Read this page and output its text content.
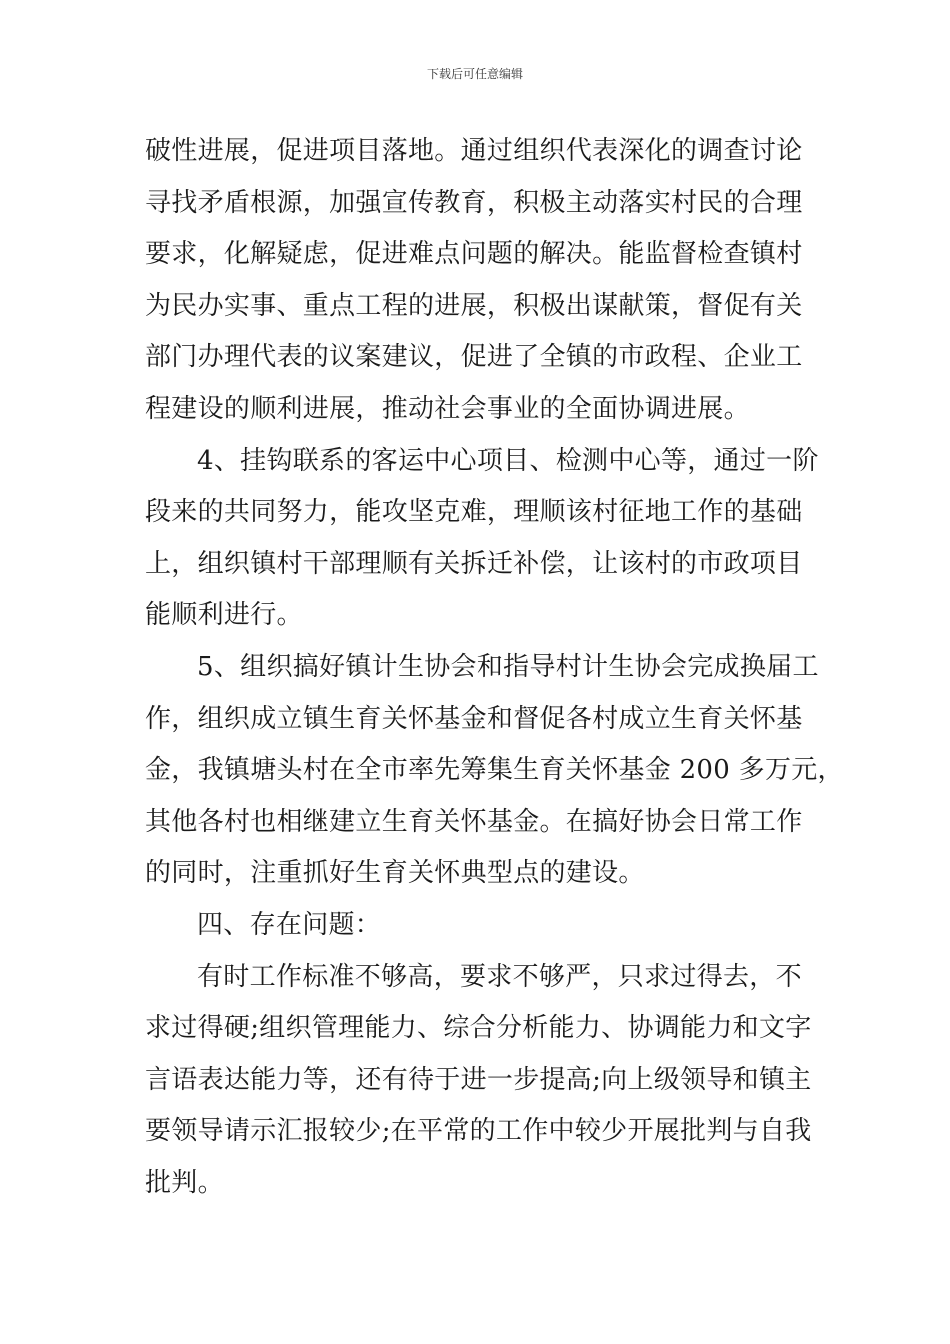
下载后可任意编辑
破性进展，促进项目落地。通过组织代表深化的调查讨论
寻找矛盾根源，加强宣传教育，积极主动落实村民的合理
要求，化解疑虑，促进难点问题的解决。能监督检查镇村
为民办实事、重点工程的进展，积极出谋献策，督促有关
部门办理代表的议案建议，促进了全镇的市政程、企业工
程建设的顺利进展，推动社会事业的全面协调进展。
4、挂钩联系的客运中心项目、检测中心等，通过一阶
段来的共同努力，能攻坚克难，理顺该村征地工作的基础
上，组织镇村干部理顺有关拆迁补偿，让该村的市政项目
能顺利进行。
5、组织搞好镇计生协会和指导村计生协会完成换届工
作，组织成立镇生育关怀基金和督促各村成立生育关怀基
金，我镇塘头村在全市率先筹集生育关怀基金 200 多万元，
其他各村也相继建立生育关怀基金。在搞好协会日常工作
的同时，注重抓好生育关怀典型点的建设。
四、存在问题：
有时工作标准不够高，要求不够严，只求过得去，不
求过得硬;组织管理能力、综合分析能力、协调能力和文字
言语表达能力等，还有待于进一步提高;向上级领导和镇主
要领导请示汇报较少;在平常的工作中较少开展批判与自我
批判。
